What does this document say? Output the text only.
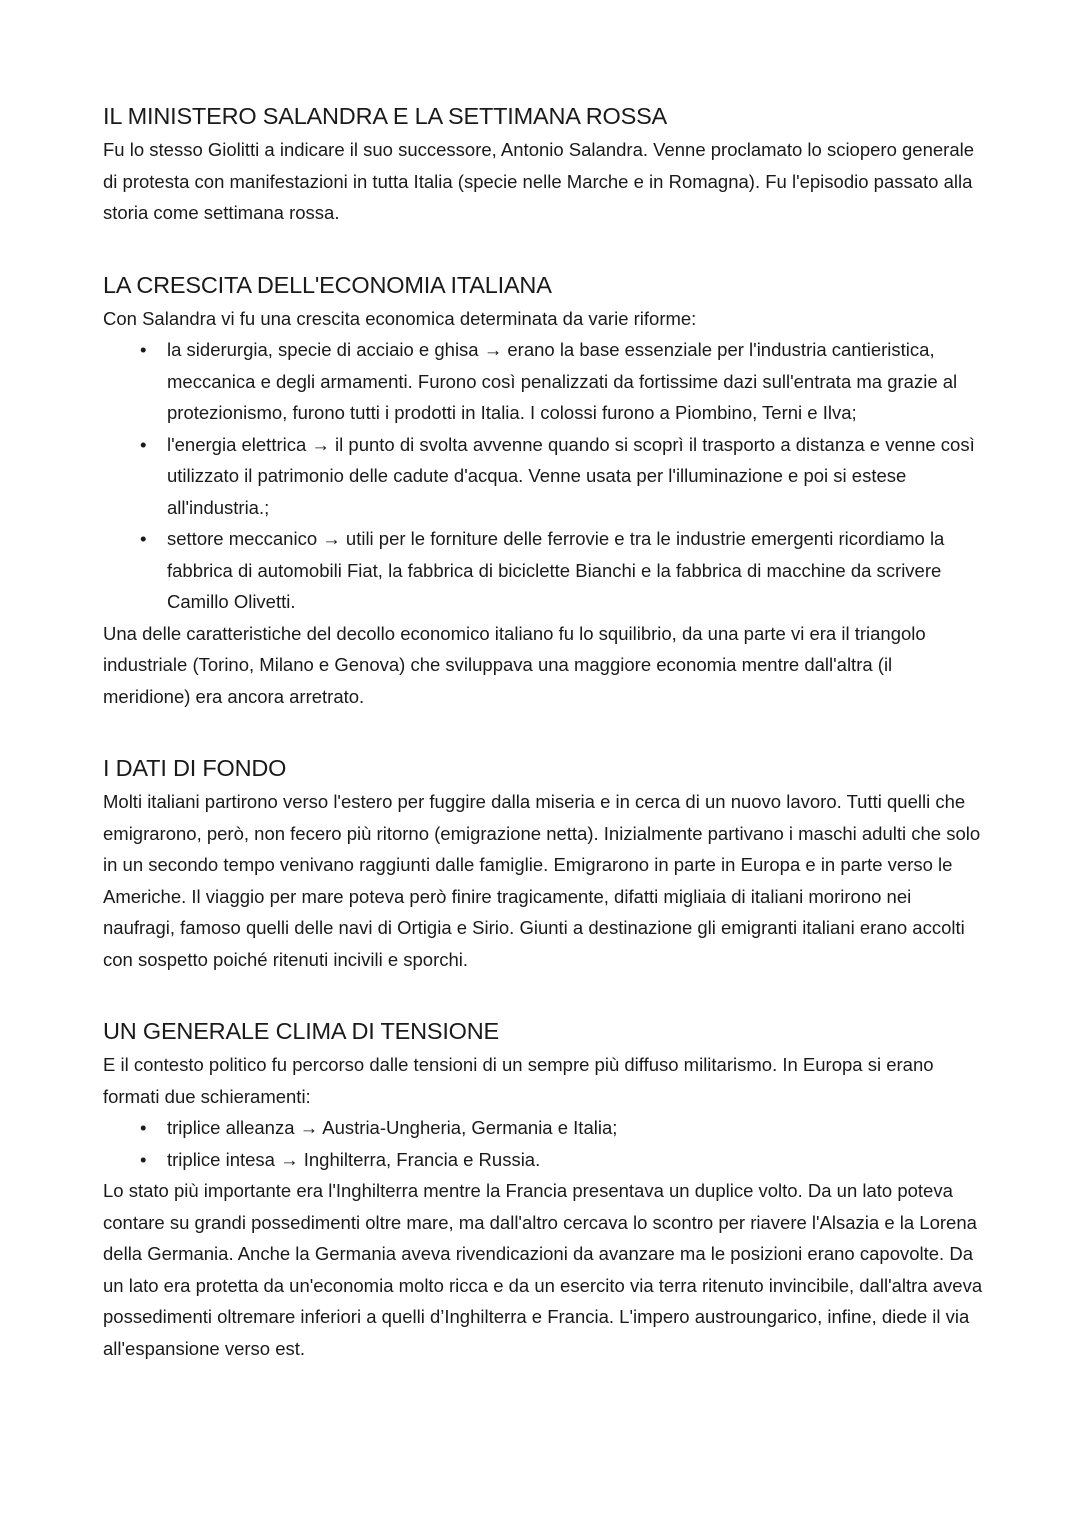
IL MINISTERO SALANDRA E LA SETTIMANA ROSSA

Fu lo stesso Giolitti a indicare il suo successore, Antonio Salandra. Venne proclamato lo sciopero generale di protesta con manifestazioni in tutta Italia (specie nelle Marche e in Romagna). Fu l'episodio passato alla storia come settimana rossa.

LA CRESCITA DELL'ECONOMIA ITALIANA

Con Salandra vi fu una crescita economica determinata da varie riforme:

• la siderurgia, specie di acciaio e ghisa → erano la base essenziale per l'industria cantieristica, meccanica e degli armamenti. Furono così penalizzati da fortissime dazi sull'entrata ma grazie al protezionismo, furono tutti i prodotti in Italia. I colossi furono a Piombino, Terni e Ilva;
• l'energia elettrica → il punto di svolta avvenne quando si scoprì il trasporto a distanza e venne così utilizzato il patrimonio delle cadute d'acqua. Venne usata per l'illuminazione e poi si estese all'industria.;
• settore meccanico → utili per le forniture delle ferrovie e tra le industrie emergenti ricordiamo la fabbrica di automobili Fiat, la fabbrica di biciclette Bianchi e la fabbrica di macchine da scrivere Camillo Olivetti.

Una delle caratteristiche del decollo economico italiano fu lo squilibrio, da una parte vi era il triangolo industriale (Torino, Milano e Genova) che sviluppava una maggiore economia mentre dall'altra (il meridione) era ancora arretrato.

I DATI DI FONDO

Molti italiani partirono verso l'estero per fuggire dalla miseria e in cerca di un nuovo lavoro. Tutti quelli che emigrarono, però, non fecero più ritorno (emigrazione netta). Inizialmente partivano i maschi adulti che solo in un secondo tempo venivano raggiunti dalle famiglie. Emigrarono in parte in Europa e in parte verso le Americhe. Il viaggio per mare poteva però finire tragicamente, difatti migliaia di italiani morirono nei naufragi, famoso quelli delle navi di Ortigia e Sirio. Giunti a destinazione gli emigranti italiani erano accolti con sospetto poiché ritenuti incivili e sporchi.

UN GENERALE CLIMA DI TENSIONE

E il contesto politico fu percorso dalle tensioni di un sempre più diffuso militarismo. In Europa si erano formati due schieramenti:

• triplice alleanza → Austria-Ungheria, Germania e Italia;
• triplice intesa → Inghilterra, Francia e Russia.

Lo stato più importante era l'Inghilterra mentre la Francia presentava un duplice volto. Da un lato poteva contare su grandi possedimenti oltre mare, ma dall'altro cercava lo scontro per riavere l'Alsazia e la Lorena della Germania. Anche la Germania aveva rivendicazioni da avanzare ma le posizioni erano capovolte. Da un lato era protetta da un'economia molto ricca e da un esercito via terra ritenuto invincibile, dall'altra aveva possedimenti oltremare inferiori a quelli d’Inghilterra e Francia. L'impero austroungarico, infine, diede il via all'espansione verso est.
